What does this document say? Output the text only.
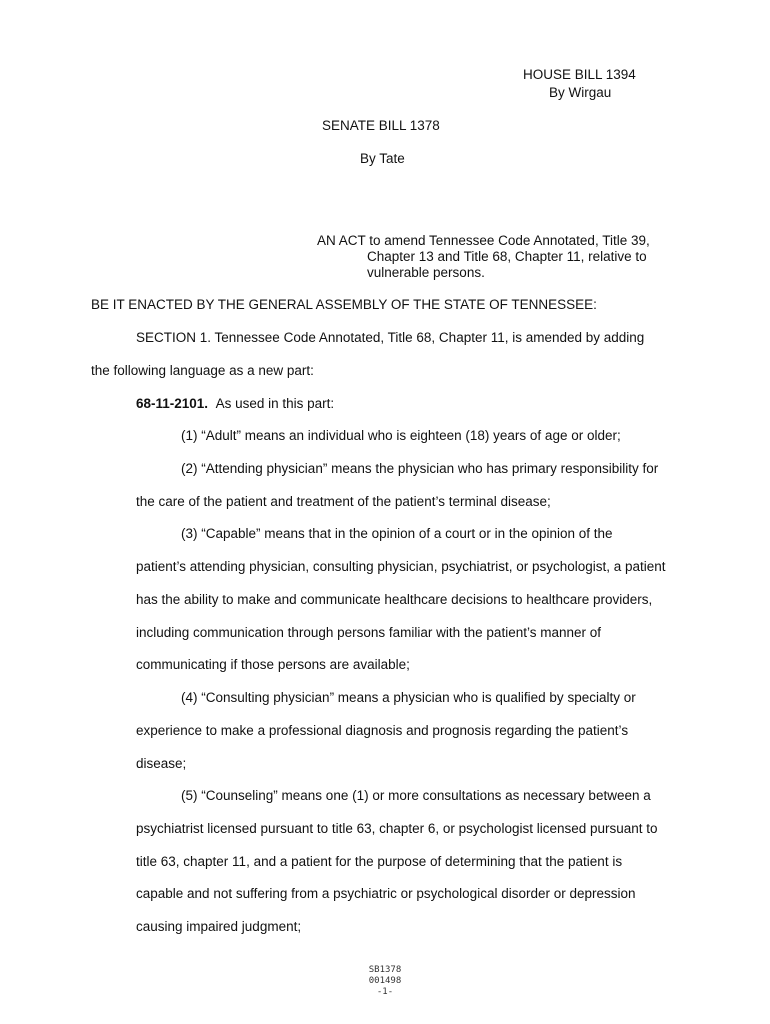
HOUSE BILL 1394
By Wirgau
SENATE BILL 1378
By Tate
AN ACT to amend Tennessee Code Annotated, Title 39,
Chapter 13 and Title 68, Chapter 11, relative to
vulnerable persons.
BE IT ENACTED BY THE GENERAL ASSEMBLY OF THE STATE OF TENNESSEE:
SECTION 1. Tennessee Code Annotated, Title 68, Chapter 11, is amended by adding
the following language as a new part:
68-11-2101. As used in this part:
(1) “Adult” means an individual who is eighteen (18) years of age or older;
(2) “Attending physician” means the physician who has primary responsibility for
the care of the patient and treatment of the patient’s terminal disease;
(3) “Capable” means that in the opinion of a court or in the opinion of the
patient’s attending physician, consulting physician, psychiatrist, or psychologist, a patient
has the ability to make and communicate healthcare decisions to healthcare providers,
including communication through persons familiar with the patient’s manner of
communicating if those persons are available;
(4) “Consulting physician” means a physician who is qualified by specialty or
experience to make a professional diagnosis and prognosis regarding the patient’s
disease;
(5) “Counseling” means one (1) or more consultations as necessary between a
psychiatrist licensed pursuant to title 63, chapter 6, or psychologist licensed pursuant to
title 63, chapter 11, and a patient for the purpose of determining that the patient is
capable and not suffering from a psychiatric or psychological disorder or depression
causing impaired judgment;
SB1378
001498
-1-
